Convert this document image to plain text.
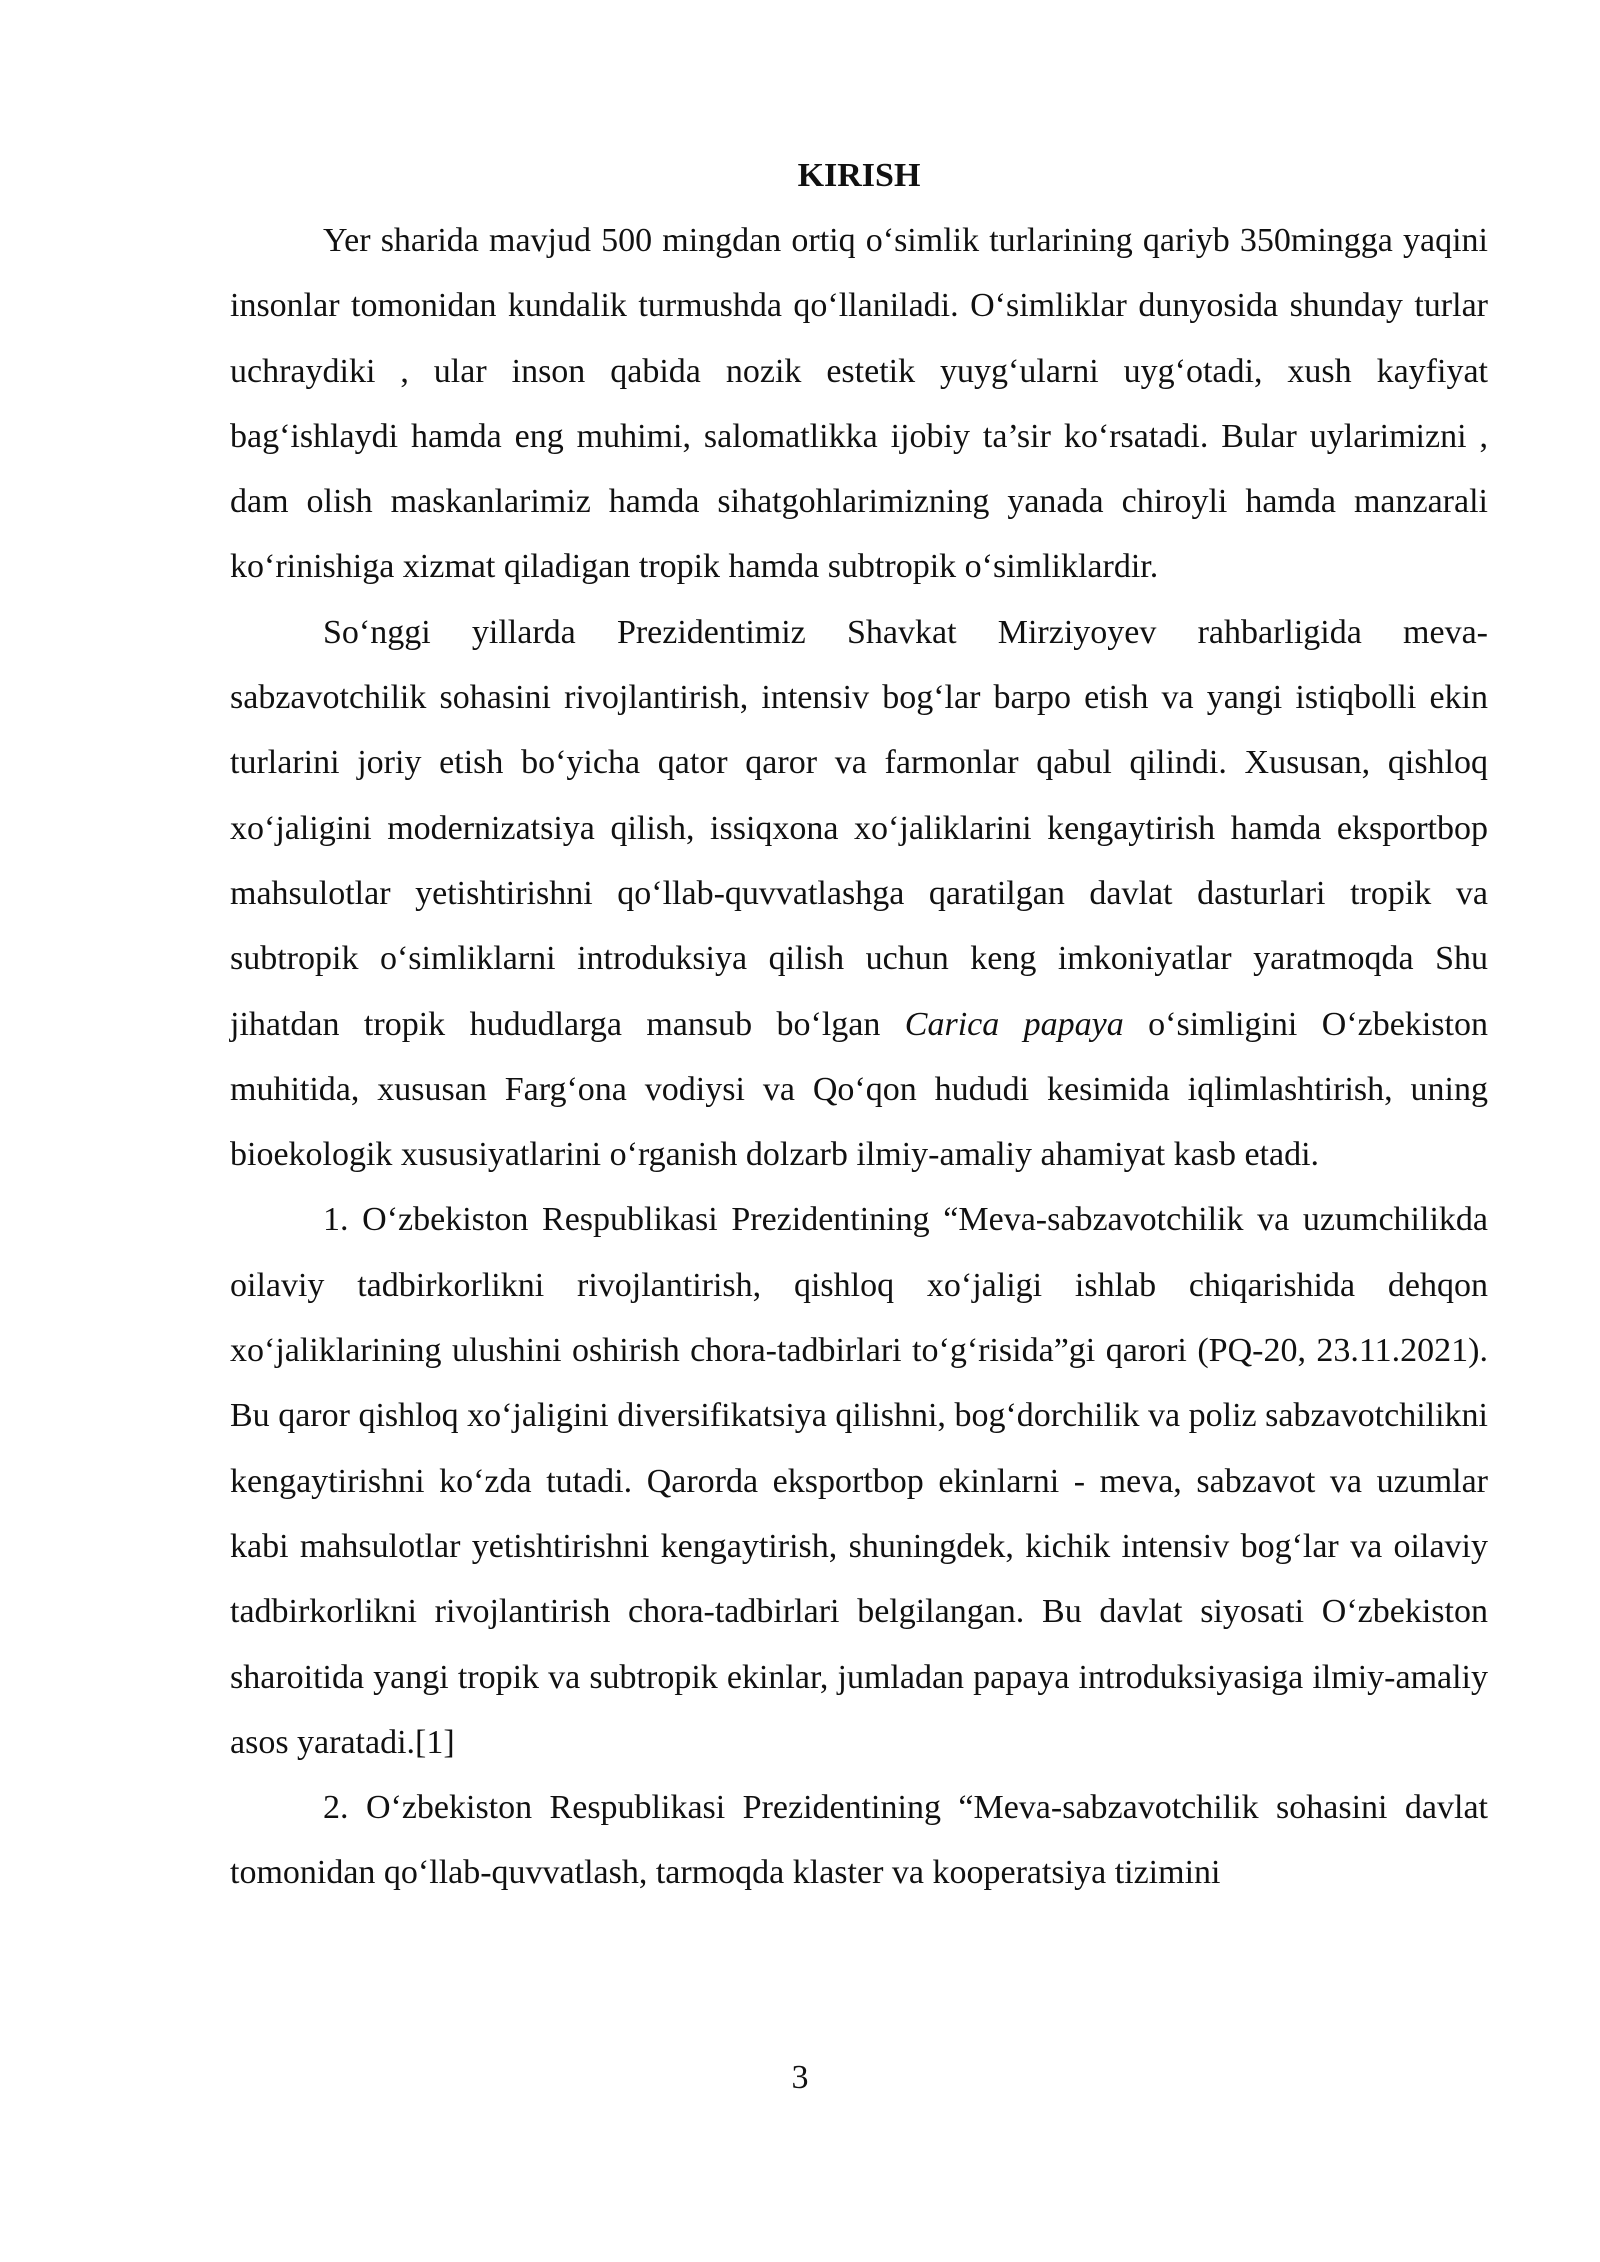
KIRISH

Yer sharida mavjud 500 mingdan ortiq o‘simlik turlarining qariyb 350mingga yaqini insonlar tomonidan kundalik turmushda qo‘llaniladi. O‘simliklar dunyosida shunday turlar uchraydiki , ular inson qabida nozik estetik yuyg‘ularni uyg‘otadi, xush kayfiyat bag‘ishlaydi hamda eng muhimi, salomatlikka ijobiy ta’sir ko‘rsatadi. Bular uylarimizni , dam olish maskanlarimiz hamda sihatgohlarimizning yanada chiroyli hamda manzarali ko‘rinishiga xizmat qiladigan tropik hamda subtropik o‘simliklardir.

So‘nggi yillarda Prezidentimiz Shavkat Mirziyoyev rahbarligida meva-sabzavotchilik sohasini rivojlantirish, intensiv bog‘lar barpo etish va yangi istiqbolli ekin turlarini joriy etish bo‘yicha qator qaror va farmonlar qabul qilindi. Xususan, qishloq xo‘jaligini modernizatsiya qilish, issiqxona xo‘jaliklarini kengaytirish hamda eksportbop mahsulotlar yetishtirishni qo‘llab-quvvatlashga qaratilgan davlat dasturlari tropik va subtropik o‘simliklarni introduksiya qilish uchun keng imkoniyatlar yaratmoqda Shu jihatdan tropik hududlarga mansub bo‘lgan Carica papaya o‘simligini O‘zbekiston muhitida, xususan Farg‘ona vodiysi va Qo‘qon hududi kesimida iqlimlashtirish, uning bioekologik xususiyatlarini o‘rganish dolzarb ilmiy-amaliy ahamiyat kasb etadi.

1. O‘zbekiston Respublikasi Prezidentining “Meva-sabzavotchilik va uzumchilikda oilaviy tadbirkorlikni rivojlantirish, qishloq xo‘jaligi ishlab chiqarishida dehqon xo‘jaliklarining ulushini oshirish chora-tadbirlari to‘g‘risida”gi qarori (PQ-20, 23.11.2021). Bu qaror qishloq xo‘jaligini diversifikatsiya qilishni, bog‘dorchilik va poliz sabzavotchilikni kengaytirishni ko‘zda tutadi. Qarorda eksportbop ekinlarni - meva, sabzavot va uzumlar kabi mahsulotlar yetishtirishni kengaytirish, shuningdek, kichik intensiv bog‘lar va oilaviy tadbirkorlikni rivojlantirish chora-tadbirlari belgilangan. Bu davlat siyosati O‘zbekiston sharoitida yangi tropik va subtropik ekinlar, jumladan papaya introduksiyasiga ilmiy-amaliy asos yaratadi.[1]

2. O‘zbekiston Respublikasi Prezidentining “Meva-sabzavotchilik sohasini davlat tomonidan qo‘llab-quvvatlash, tarmoqda klaster va kooperatsiya tizimini

3
